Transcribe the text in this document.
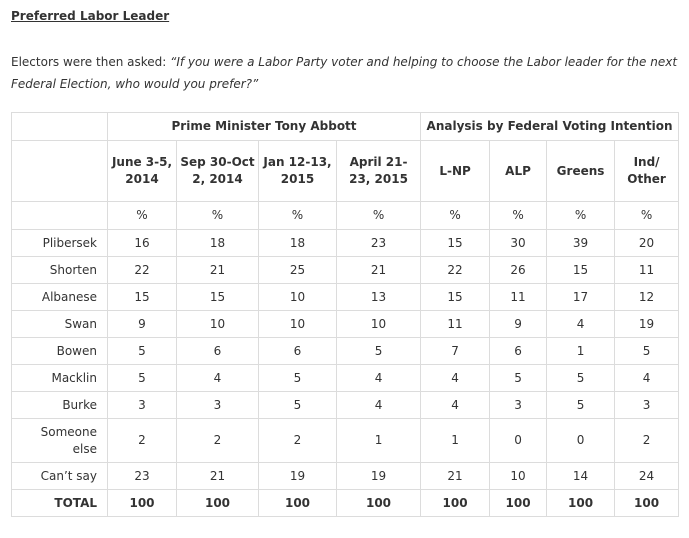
Preferred Labor Leader

Electors were then asked: “If you were a Labor Party voter and helping to choose the Labor leader for the next Federal Election, who would you prefer?”

	Prime Minister Tony Abbott				Analysis by Federal Voting Intention			
	June 3-5, 2014	Sep 30-Oct 2, 2014	Jan 12-13, 2015	April 21-23, 2015	L-NP	ALP	Greens	Ind/ Other
	%	%	%	%	%	%	%	%
Plibersek	16	18	18	23	15	30	39	20
Shorten	22	21	25	21	22	26	15	11
Albanese	15	15	10	13	15	11	17	12
Swan	9	10	10	10	11	9	4	19
Bowen	5	6	6	5	7	6	1	5
Macklin	5	4	5	4	4	5	5	4
Burke	3	3	5	4	4	3	5	3
Someone else	2	2	2	1	1	0	0	2
Can’t say	23	21	19	19	21	10	14	24
TOTAL	100	100	100	100	100	100	100	100
